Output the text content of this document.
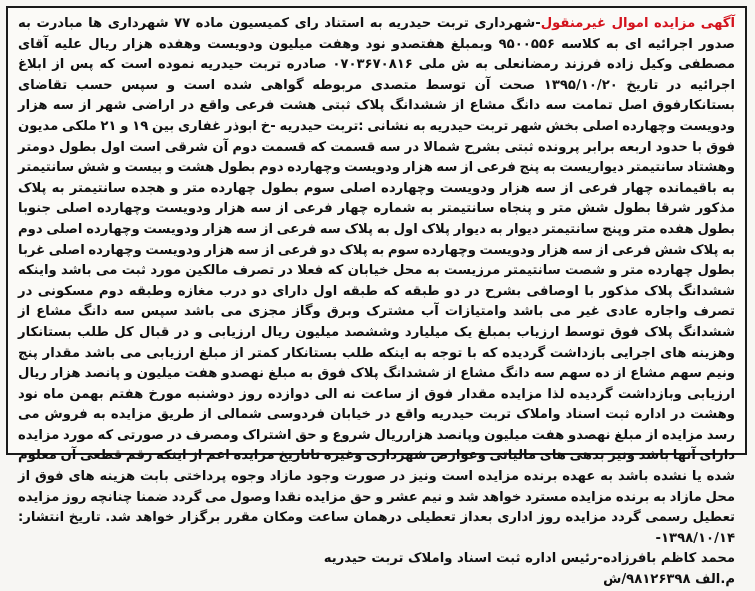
آگهی مزایده اموال غیرمنقول-شهرداری تربت حیدریه به استناد رای کمیسیون ماده ۷۷ شهرداری ها مبادرت به صدور اجرائیه ای به کلاسه ۹۵۰۰۵۵۶ وبمبلغ هفتصدو نود وهفت میلیون ودویست وهفده هزار ریال علیه آقای مصطفی وکیل زاده فرزند رمضانعلی به ش ملی ۰۷۰۳۶۷۰۸۱۶ صادره تربت حیدریه نموده است که پس از ابلاغ اجرائیه در تاریخ ۱۳۹۵/۱۰/۲۰ صحت آن توسط متصدی مربوطه گواهی شده است و سپس حسب تقاضای بستانکارفوق اصل تمامت سه دانگ مشاع از ششدانگ پلاک ثبتی هشت فرعی واقع در اراضی شهر از سه هزار ودویست وچهارده اصلی بخش شهر تربت حیدریه به نشانی :تربت حیدریه -خ ابوذر غفاری بین ۱۹ و ۲۱ ملکی مدیون فوق با حدود اربعه برابر پرونده ثبتی بشرح شمالا در سه قسمت که قسمت دوم آن شرقی است اول بطول دومتر وهشتاد سانتیمتر دیواریست به پنج فرعی از سه هزار ودویست وچهارده دوم بطول هشت و بیست و شش سانتیمتر به باقیمانده چهار فرعی از سه هزار ودویست وچهارده اصلی سوم بطول چهارده متر و هجده سانتیمتر به پلاک مذکور شرقا بطول شش متر و پنجاه سانتیمتر به شماره چهار فرعی از سه هزار ودویست وچهارده اصلی جنوبا بطول هفده متر وپنج سانتیمتر دیوار به دیوار پلاک اول به پلاک سه فرعی از سه هزار ودویست وچهارده اصلی دوم به پلاک شش فرعی از سه هزار ودویست وچهارده سوم به پلاک دو فرعی از سه هزار ودویست وچهارده اصلی غربا بطول چهارده متر و شصت سانتیمتر مرزیست به محل خیابان که فعلا در تصرف مالکین مورد ثبت می باشد واینکه ششدانگ پلاک مذکور با اوصافی بشرح در دو طبقه که طبقه اول دارای دو درب مغازه وطبقه دوم مسکونی در تصرف واجاره عادی غیر می باشد وامتیازات آب مشترک وبرق وگاز مجزی می باشد سپس سه دانگ مشاع از ششدانگ پلاک فوق توسط ارزیاب بمبلغ یک میلیارد وششصد میلیون ریال ارزیابی و در قبال کل طلب بستانکار وهزینه های اجرایی بازداشت گردیده که با توجه به اینکه طلب بستانکار کمتر از مبلغ ارزیابی می باشد مقدار پنج ونیم سهم مشاع از ده سهم سه دانگ مشاع از ششدانگ پلاک فوق به مبلغ نهصدو هفت میلیون و پانصد هزار ریال ارزیابی وبازداشت گردیده لذا مزایده مقدار فوق از ساعت نه الی دوازده روز دوشنبه مورخ هفتم بهمن ماه نود وهشت در اداره ثبت اسناد واملاک تربت حیدریه واقع در خیابان فردوسی شمالی از طریق مزایده به فروش می رسد مزایده از مبلغ نهصدو هفت میلیون وپانصد هزارریال شروع و حق اشتراک ومصرف در صورتی که مورد مزایده دارای آنها باشد ونیز بدهی های مالیاتی وعوارض شهرداری وغیره تاتاریخ مزایده اعم از اینکه رقم قطعی آن معلوم شده یا نشده باشد به عهده برنده مزایده است ونیز در صورت وجود مازاد وجوه پرداختی بابت هزینه های فوق از محل مازاد به برنده مزایده مسترد خواهد شد و نیم عشر و حق مزایده نقدا وصول می گردد ضمنا چنانچه روز مزایده تعطیل رسمی گردد مزایده روز اداری بعداز تعطیلی درهمان ساعت ومکان مقرر برگزار خواهد شد. تاریخ انتشار: ۱۳۹۸/۱۰/۱۴-

محمد کاظم بافرزاده-رئیس اداره ثبت اسناد واملاک تربت حیدریه
م.الف ۹۸۱۲۶۳۹۸/ش
